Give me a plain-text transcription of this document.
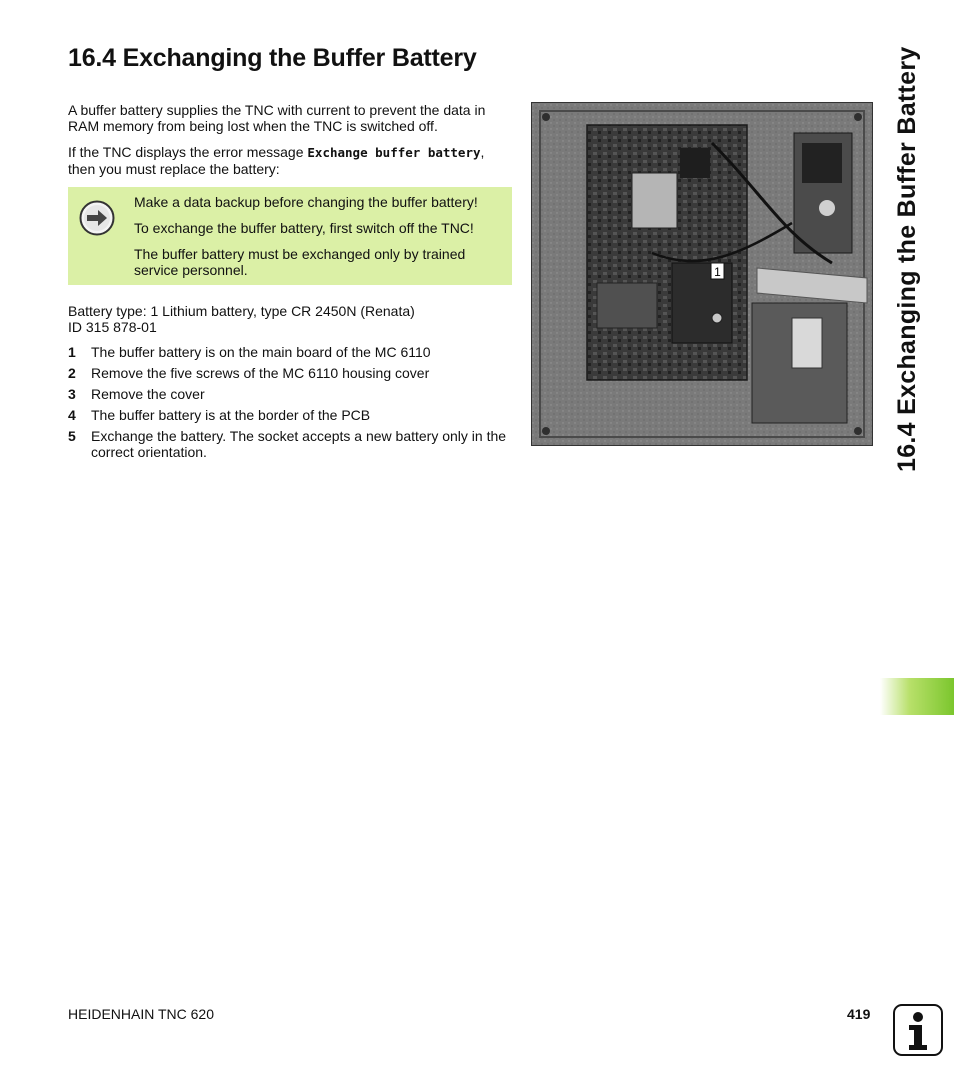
16.4 Exchanging the Buffer Battery

A buffer battery supplies the TNC with current to prevent the data in RAM memory from being lost when the TNC is switched off.

If the TNC displays the error message Exchange buffer battery, then you must replace the battery:

Make a data backup before changing the buffer battery!

To exchange the buffer battery, first switch off the TNC!

The buffer battery must be exchanged only by trained service personnel.

Battery type: 1 Lithium battery, type CR 2450N (Renata)

ID 315 878-01

1 The buffer battery is on the main board of the MC 6110
2 Remove the five screws of the MC 6110 housing cover
3 Remove the cover
4 The buffer battery is at the border of the PCB
5 Exchange the battery. The socket accepts a new battery only in the correct orientation.
1	16.4 Exchanging the Buffer Battery
HEIDENHAIN TNC 620	419
